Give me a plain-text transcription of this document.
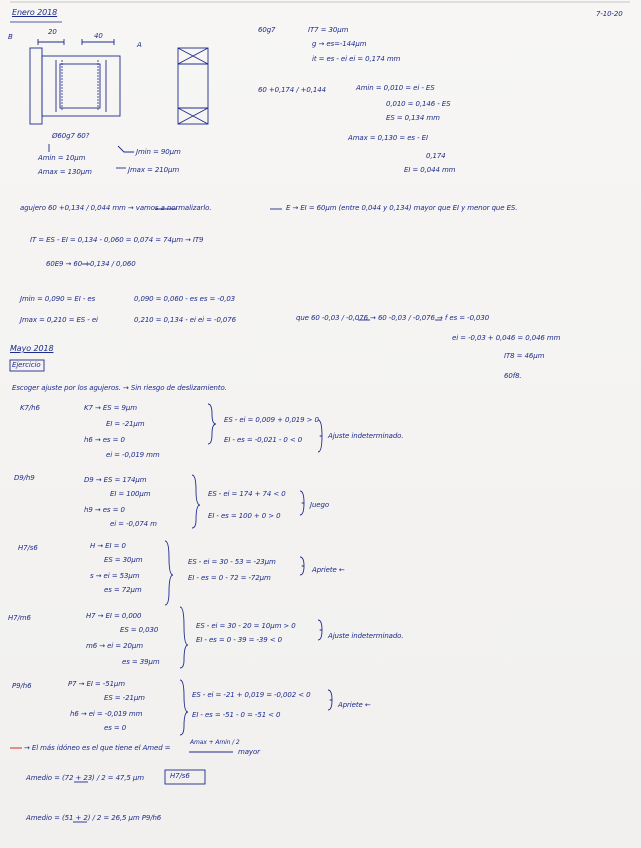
Enero 2018	7-10-20
B
A
20	40
Ø60g7 60?
Amin = 10µm
Amax = 130µm
Jmin = 90µm
Jmax = 210µm
60g7	IT7 = 30µm
g → es=-144µm
it = es - ei ei = 0,174 mm
60 +0,174 / +0,144	Amin = 0,010 = ei - ES
0,010 = 0,146 - ES
ES = 0,134 mm
Amax = 0,130 = es - EI
0,174
EI = 0,044 mm
agujero 60 +0,134 / 0,044 mm → vamos a normalizarlo.	E → EI = 60µm (entre 0,044 y 0,134) mayor que EI y menor que ES.
IT = ES - EI = 0,134 - 0,060 = 0,074 = 74µm → IT9
60E9 → 60 +0,134 / 0,060
Jmin = 0,090 = EI - es	0,090 = 0,060 - es es = -0,03
Jmax = 0,210 = ES - ei	0,210 = 0,134 - ei ei = -0,076	que 60 -0,03 / -0,076 → 60 -0,03 / -0,076 → f es = -0,030
ei = -0,03 + 0,046 = 0,046 mm
IT8 = 46µm
60f8.
Mayo 2018
Ejercicio
Escoger ajuste por los agujeros. → Sin riesgo de deslizamiento.
K7/h6	K7 → ES = 9µm
EI = -21µm
h6 → es = 0
ei = -0,019 mm
ES - ei = 0,009 + 0,019 > 0
EI - es = -0,021 - 0 < 0	Ajuste indeterminado.
D9/h9	D9 → ES = 174µm
EI = 100µm
h9 → es = 0
ei = -0,074 m
ES - ei = 174 + 74 < 0
EI - es = 100 + 0 > 0
Juego
H7/s6	H → EI = 0
ES = 30µm
s → ei = 53µm
es = 72µm
ES - ei = 30 - 53 = -23µm
EI - es = 0 - 72 = -72µm
Apriete ←
H7/m6	H7 → EI = 0,000
ES = 0,030
m6 → ei = 20µm
es = 39µm
ES - ei = 30 - 20 = 10µm > 0
EI - es = 0 - 39 = -39 < 0	Ajuste indeterminado.
P9/h6	P7 → EI = -51µm
ES = -21µm
h6 → ei = -0,019 mm
es = 0
ES - ei = -21 + 0,019 = -0,002 < 0
EI - es = -51 - 0 = -51 < 0
Apriete ←
→ El más idóneo es el que tiene el Amed =
Amax + Amin / 2
mayor
Amedio = (72 + 23) / 2 = 47,5 µm	H7/s6
Amedio = (51 + 2) / 2 = 26,5 µm P9/h6
